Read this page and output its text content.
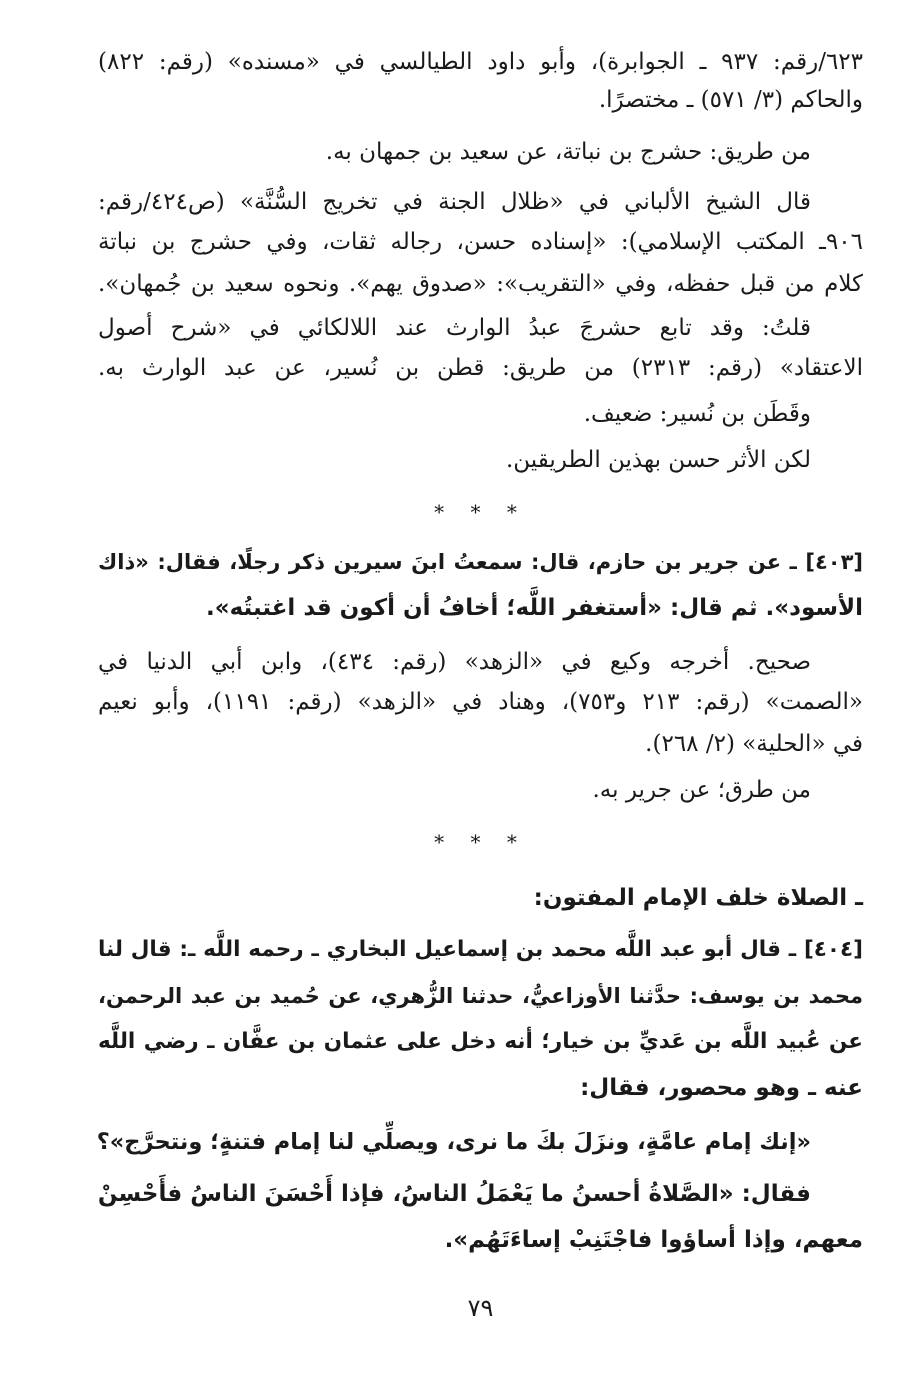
٦٢٣/رقم: ٩٣٧ ـ الجوابرة)، وأبو داود الطيالسي في «مسنده» (رقم: ٨٢٢)
والحاكم (٣/ ٥٧١) ـ مختصرًا.
من طريق: حشرج بن نباتة، عن سعيد بن جمهان به.
قال الشيخ الألباني في «ظلال الجنة في تخريج السُّنَّة» (ص٤٢٤/رقم:
٩٠٦ـ المكتب الإسلامي): «إسناده حسن، رجاله ثقات، وفي حشرج بن نباتة
كلام من قبل حفظه، وفي «التقريب»: «صدوق يهم». ونحوه سعيد بن جُمهان».
قلتُ: وقد تابع حشرجَ عبدُ الوارث عند اللالكائي في «شرح أصول
الاعتقاد» (رقم: ٢٣١٣) من طريق: قطن بن نُسير، عن عبد الوارث به.
وقَطَن بن نُسير: ضعيف.
لكن الأثر حسن بهذين الطريقين.
* * *
[٤٠٣] ـ عن جرير بن حازم، قال: سمعتُ ابنَ سيرين ذكر رجلًا، فقال: «ذاك
الأسود». ثم قال: «أستغفر اللَّه؛ أخافُ أن أكون قد اغتبتُه».
صحيح. أخرجه وكيع في «الزهد» (رقم: ٤٣٤)، وابن أبي الدنيا في
«الصمت» (رقم: ٢١٣ و٧٥٣)، وهناد في «الزهد» (رقم: ١١٩١)، وأبو نعيم
في «الحلية» (٢/ ٢٦٨).
من طرق؛ عن جرير به.
* * *
ـ الصلاة خلف الإمام المفتون:
[٤٠٤] ـ قال أبو عبد اللَّه محمد بن إسماعيل البخاري ـ رحمه اللَّه ـ: قال لنا
محمد بن يوسف: حدَّثنا الأوزاعيُّ، حدثنا الزُّهري، عن حُميد بن عبد الرحمن،
عن عُبيد اللَّه بن عَديِّ بن خيار؛ أنه دخل على عثمان بن عفَّان ـ رضي اللَّه
عنه ـ وهو محصور، فقال:
«إنك إمام عامَّةٍ، ونزَلَ بكَ ما نرى، ويصلِّي لنا إمام فتنةٍ؛ ونتحرَّج»؟
فقال: «الصَّلاةُ أحسنُ ما يَعْمَلُ الناسُ، فإذا أَحْسَنَ الناسُ فأَحْسِنْ
معهم، وإذا أساؤوا فاجْتَنِبْ إساءَتَهُم».
٧٩
